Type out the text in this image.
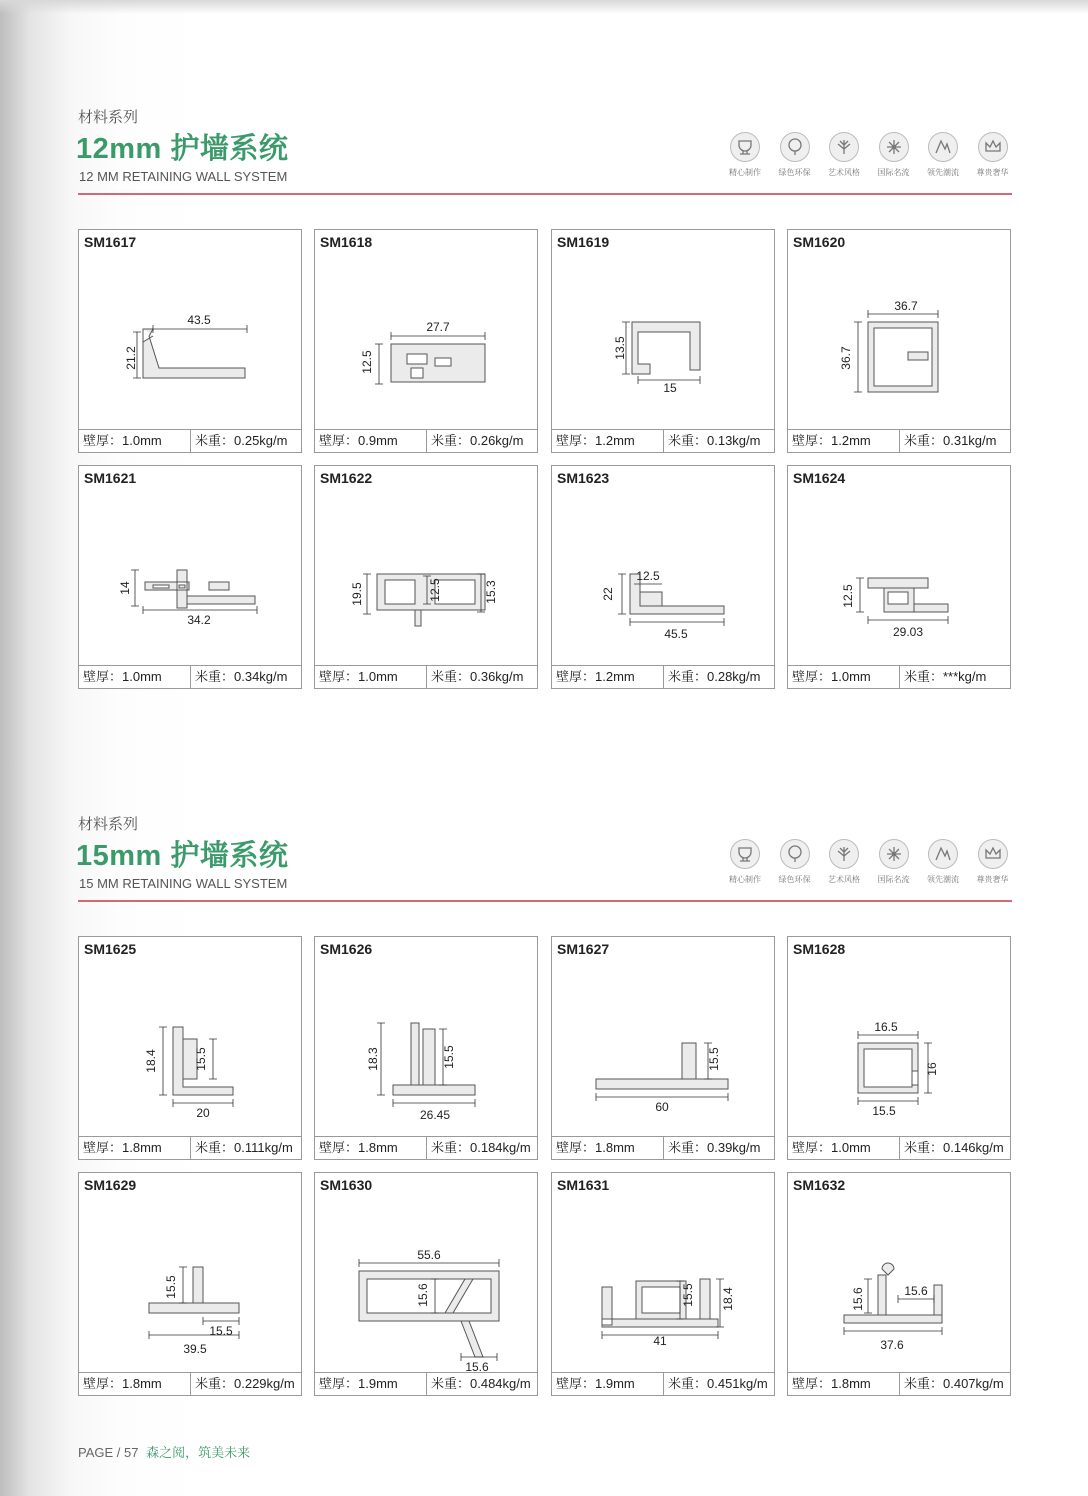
材料系列
12mm 护墙系统
12 MM RETAINING WALL SYSTEM	精心制作	绿色环保	艺术风格	国际名流	领先潮流	尊贵奢华
材料系列
15mm 护墙系统
15 MM RETAINING WALL SYSTEM	精心制作	绿色环保	艺术风格	国际名流	领先潮流	尊贵奢华
SM1617
43.5
21.2
壁厚：1.0mm	米重：0.25kg/m
SM1618
27.7
12.5
壁厚：0.9mm	米重：0.26kg/m
SM1619
13.5
15
壁厚：1.2mm	米重：0.13kg/m
SM1620
36.7
36.7
壁厚：1.2mm	米重：0.31kg/m
SM1621
34.2
14
壁厚：1.0mm	米重：0.34kg/m
SM1622
19.5	12.5	15.3
壁厚：1.0mm	米重：0.36kg/m
SM1623
22
45.5
12.5
壁厚：1.2mm	米重：0.28kg/m
SM1624
12.5
29.03
壁厚：1.0mm	米重：***kg/m
SM1625
18.4	15.5
20
壁厚：1.8mm	米重：0.111kg/m
SM1626
18.3	15.5
26.45
壁厚：1.8mm	米重：0.184kg/m
SM1627
15.5
60
壁厚：1.8mm	米重：0.39kg/m
SM1628
16.5
16
15.5
壁厚：1.0mm	米重：0.146kg/m
SM1629
15.5
15.5
39.5
壁厚：1.8mm	米重：0.229kg/m
SM1630
55.6
15.6
15.6
壁厚：1.9mm	米重：0.484kg/m
SM1631
15.5 18.4
41
壁厚：1.9mm	米重：0.451kg/m
SM1632
15.6	15.6
37.6
壁厚：1.8mm	米重：0.407kg/m
PAGE / 57 森之阅，筑美未来
